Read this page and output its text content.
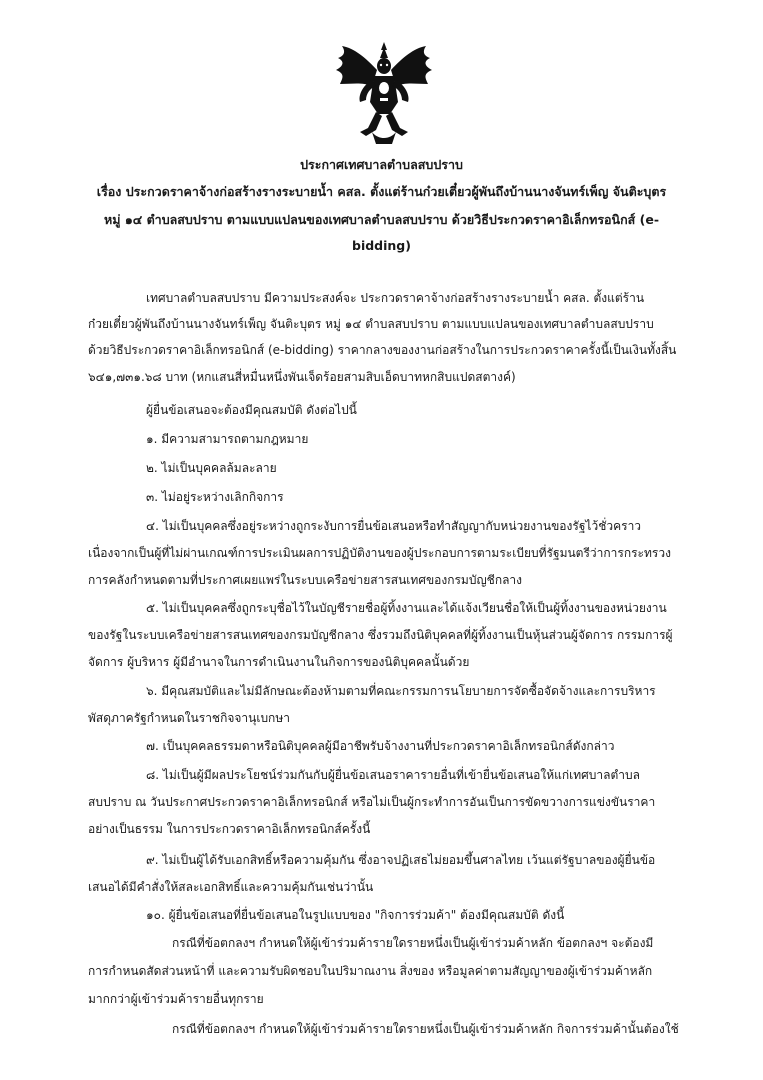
ประกาศเทศบาลตำบลสบปราบ
เรื่อง ประกวดราคาจ้างก่อสร้างรางระบายน้ำ คสล. ตั้งแต่ร้านก๋วยเตี๋ยวผู้พันถึงบ้านนางจันทร์เพ็ญ จันติะบุตร
หมู่ ๑๔ ตำบลสบปราบ ตามแบบแปลนของเทศบาลตำบลสบปราบ ด้วยวิธีประกวดราคาอิเล็กทรอนิกส์ (e-
bidding)
เทศบาลตำบลสบปราบ มีความประสงค์จะ ประกวดราคาจ้างก่อสร้างรางระบายน้ำ คสล. ตั้งแต่ร้าน
ก๋วยเตี๋ยวผู้พันถึงบ้านนางจันทร์เพ็ญ จันติะบุตร หมู่ ๑๔ ตำบลสบปราบ ตามแบบแปลนของเทศบาลตำบลสบปราบ
ด้วยวิธีประกวดราคาอิเล็กทรอนิกส์ (e-bidding) ราคากลางของงานก่อสร้างในการประกวดราคาครั้งนี้เป็นเงินทั้งสิ้น
๖๔๑,๗๓๑.๖๘ บาท (หกแสนสี่หมื่นหนึ่งพันเจ็ดร้อยสามสิบเอ็ดบาทหกสิบแปดสตางค์)
ผู้ยื่นข้อเสนอจะต้องมีคุณสมบัติ ดังต่อไปนี้
๑. มีความสามารถตามกฎหมาย
๒. ไม่เป็นบุคคลล้มละลาย
๓. ไม่อยู่ระหว่างเลิกกิจการ
๔. ไม่เป็นบุคคลซึ่งอยู่ระหว่างถูกระงับการยื่นข้อเสนอหรือทำสัญญากับหน่วยงานของรัฐไว้ชั่วคราว
เนื่องจากเป็นผู้ที่ไม่ผ่านเกณฑ์การประเมินผลการปฏิบัติงานของผู้ประกอบการตามระเบียบที่รัฐมนตรีว่าการกระทรวง
การคลังกำหนดตามที่ประกาศเผยแพร่ในระบบเครือข่ายสารสนเทศของกรมบัญชีกลาง
๕. ไม่เป็นบุคคลซึ่งถูกระบุชื่อไว้ในบัญชีรายชื่อผู้ทิ้งงานและได้แจ้งเวียนชื่อให้เป็นผู้ทิ้งงานของหน่วยงาน
ของรัฐในระบบเครือข่ายสารสนเทศของกรมบัญชีกลาง ซึ่งรวมถึงนิติบุคคลที่ผู้ทิ้งงานเป็นหุ้นส่วนผู้จัดการ กรรมการผู้
จัดการ ผู้บริหาร ผู้มีอำนาจในการดำเนินงานในกิจการของนิติบุคคลนั้นด้วย
๖. มีคุณสมบัติและไม่มีลักษณะต้องห้ามตามที่คณะกรรมการนโยบายการจัดซื้อจัดจ้างและการบริหาร
พัสดุภาครัฐกำหนดในราชกิจจานุเบกษา
๗. เป็นบุคคลธรรมดาหรือนิติบุคคลผู้มีอาชีพรับจ้างงานที่ประกวดราคาอิเล็กทรอนิกส์ดังกล่าว
๘. ไม่เป็นผู้มีผลประโยชน์ร่วมกันกับผู้ยื่นข้อเสนอราคารายอื่นที่เข้ายื่นข้อเสนอให้แก่เทศบาลตำบล
สบปราบ ณ วันประกาศประกวดราคาอิเล็กทรอนิกส์ หรือไม่เป็นผู้กระทำการอันเป็นการขัดขวางการแข่งขันราคา
อย่างเป็นธรรม ในการประกวดราคาอิเล็กทรอนิกส์ครั้งนี้
๙. ไม่เป็นผู้ได้รับเอกสิทธิ์หรือความคุ้มกัน ซึ่งอาจปฏิเสธไม่ยอมขึ้นศาลไทย เว้นแต่รัฐบาลของผู้ยื่นข้อ
เสนอได้มีคำสั่งให้สละเอกสิทธิ์และความคุ้มกันเช่นว่านั้น
๑๐. ผู้ยื่นข้อเสนอที่ยื่นข้อเสนอในรูปแบบของ "กิจการร่วมค้า" ต้องมีคุณสมบัติ ดังนี้
กรณีที่ข้อตกลงฯ กำหนดให้ผู้เข้าร่วมค้ารายใดรายหนึ่งเป็นผู้เข้าร่วมค้าหลัก ข้อตกลงฯ จะต้องมี
การกำหนดสัดส่วนหน้าที่ และความรับผิดชอบในปริมาณงาน สิ่งของ หรือมูลค่าตามสัญญาของผู้เข้าร่วมค้าหลัก
มากกว่าผู้เข้าร่วมค้ารายอื่นทุกราย
กรณีที่ข้อตกลงฯ กำหนดให้ผู้เข้าร่วมค้ารายใดรายหนึ่งเป็นผู้เข้าร่วมค้าหลัก กิจการร่วมค้านั้นต้องใช้
